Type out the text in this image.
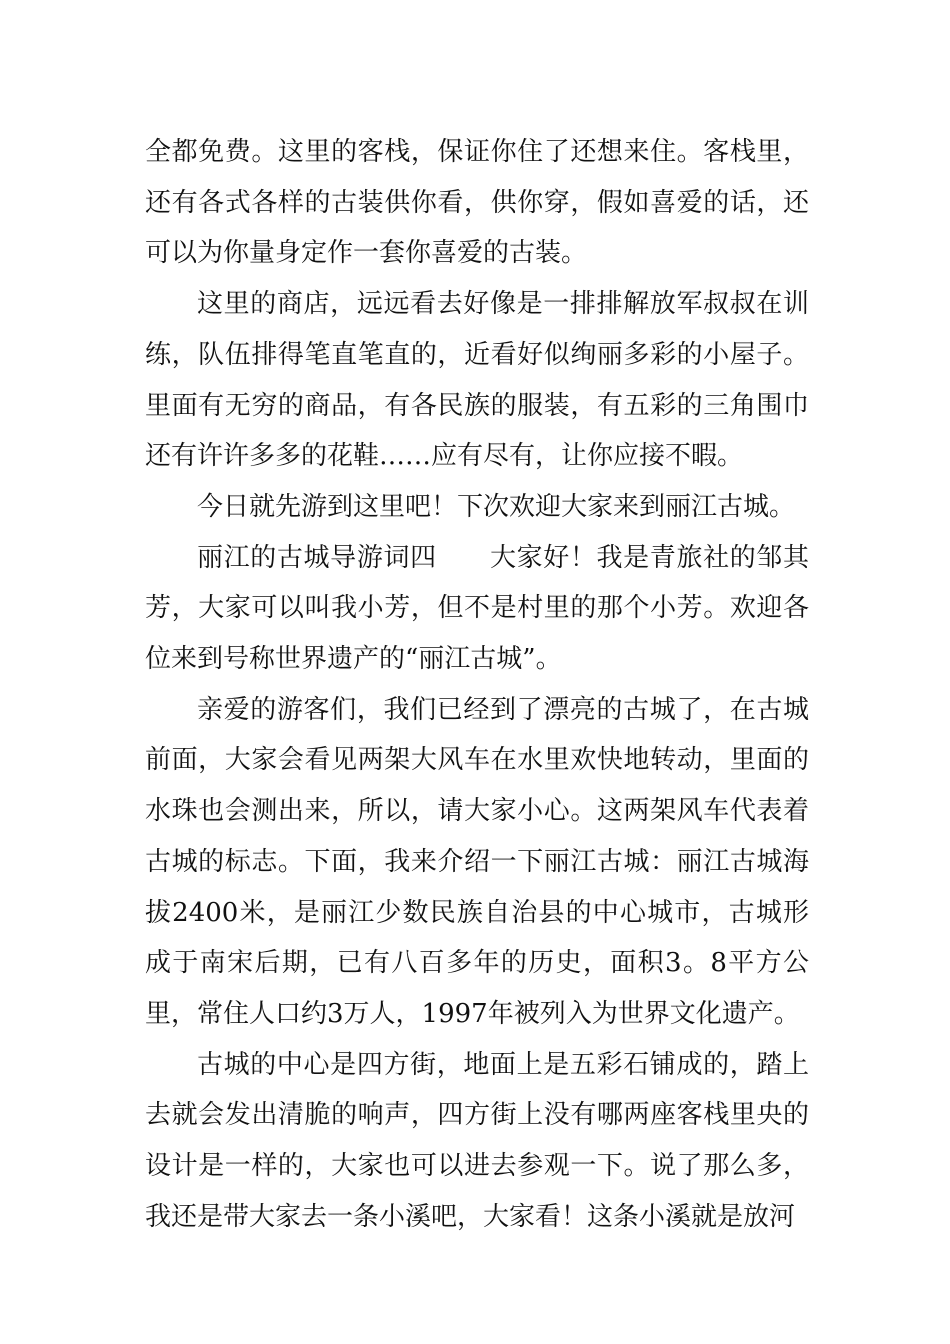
全都免费。这里的客栈，保证你住了还想来住。客栈里，还有各式各样的古装供你看，供你穿，假如喜爱的话，还可以为你量身定作一套你喜爱的古装。

这里的商店，远远看去好像是一排排解放军叔叔在训练，队伍排得笔直笔直的，近看好似绚丽多彩的小屋子。里面有无穷的商品，有各民族的服装，有五彩的三角围巾还有许许多多的花鞋……应有尽有，让你应接不暇。

今日就先游到这里吧！下次欢迎大家来到丽江古城。

丽江的古城导游词四　　大家好！我是青旅社的邹其芳，大家可以叫我小芳，但不是村里的那个小芳。欢迎各位来到号称世界遗产的“丽江古城”。

亲爱的游客们，我们已经到了漂亮的古城了，在古城前面，大家会看见两架大风车在水里欢快地转动，里面的水珠也会测出来，所以，请大家小心。这两架风车代表着古城的标志。下面，我来介绍一下丽江古城：丽江古城海拔2400米，是丽江少数民族自治县的中心城市，古城形成于南宋后期，已有八百多年的历史，面积3。8平方公里，常住人口约3万人，1997年被列入为世界文化遗产。

古城的中心是四方街，地面上是五彩石铺成的，踏上去就会发出清脆的响声，四方街上没有哪两座客栈里央的设计是一样的，大家也可以进去参观一下。说了那么多，我还是带大家去一条小溪吧，大家看！这条小溪就是放河
